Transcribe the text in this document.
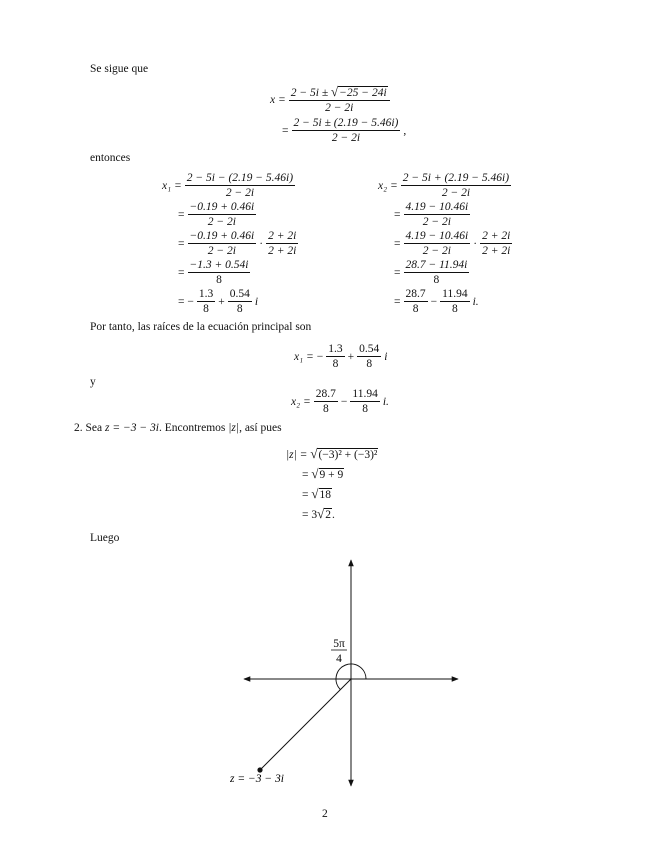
Se sigue que
$x = \frac{2 - 5i \pm √-25 - 24i}{2 - 2i}$
= $\frac{2 - 5i \pm (2.19 - 5.46i)}{2 - 2i}$ ,
entonces
$x_1 = \frac{2 - 5i - (2.19 - 5.46i)}{2 - 2i}$
= $\frac{-0.19 + 0.46i}{2 - 2i}$
= $\frac{-0.19 + 0.46i}{2 - 2i} \cdot \frac{2 + 2i}{2 + 2i}$
= $\frac{-1.3 + 0.54i}{8}$
= − $\frac{1.3}{8} + \frac{0.54}{8}$ i
$x_2 = \frac{2 - 5i + (2.19 - 5.46i)}{2 - 2i}$
= $\frac{4.19 - 10.46i}{2 - 2i}$
= $\frac{4.19 - 10.46i}{2 - 2i} \cdot \frac{2 + 2i}{2 + 2i}$
= $\frac{28.7 - 11.94i}{8}$
= $\frac{28.7}{8} - \frac{11.94}{8} i$.
Por tanto, las raíces de la ecuación principal son
x₁ = − $\frac{1.3}{8} + \frac{0.54}{8}$ i
y
$x_2 = \frac{28.7}{8} - \frac{11.94}{8} i$.
2. Sea z = −3 − 3i. Encontremos |z|, así pues
|z| = √(−3)² + (−3)²
= √9 + 9
= √18
= 3√2.
Luego
5π
4
z = −3 − 3i
2
